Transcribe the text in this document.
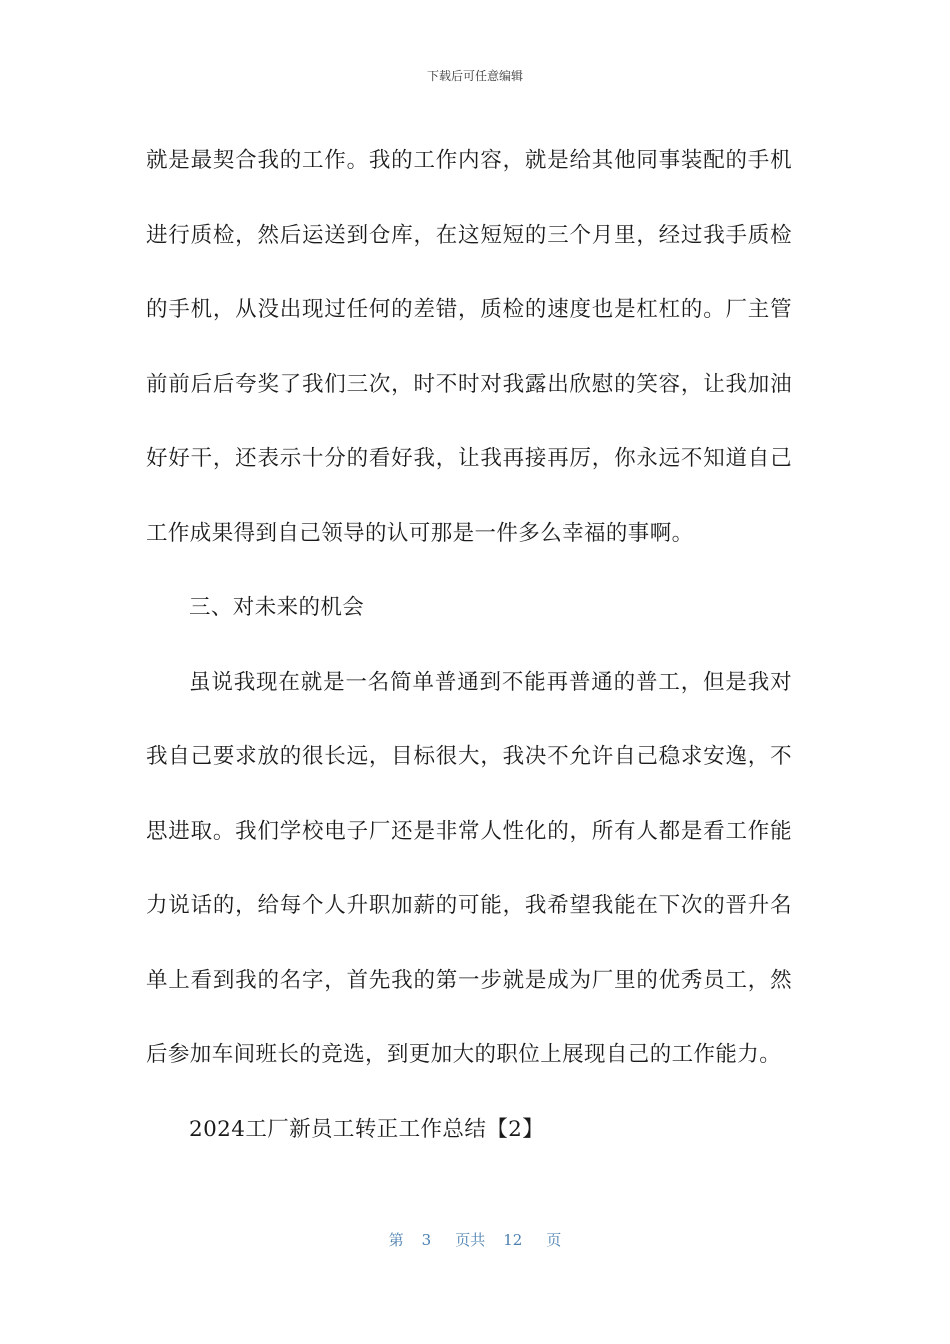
下载后可任意编辑

就是最契合我的工作。我的工作内容，就是给其他同事装配的手机进行质检，然后运送到仓库，在这短短的三个月里，经过我手质检的手机，从没出现过任何的差错，质检的速度也是杠杠的。厂主管前前后后夸奖了我们三次，时不时对我露出欣慰的笑容，让我加油好好干，还表示十分的看好我，让我再接再厉，你永远不知道自己工作成果得到自己领导的认可那是一件多么幸福的事啊。

三、对未来的机会

虽说我现在就是一名简单普通到不能再普通的普工，但是我对我自己要求放的很长远，目标很大，我决不允许自己稳求安逸，不思进取。我们学校电子厂还是非常人性化的，所有人都是看工作能力说话的，给每个人升职加薪的可能，我希望我能在下次的晋升名单上看到我的名字，首先我的第一步就是成为厂里的优秀员工，然后参加车间班长的竞选，到更加大的职位上展现自己的工作能力。

2024工厂新员工转正工作总结【2】

第 3 页共 12 页
